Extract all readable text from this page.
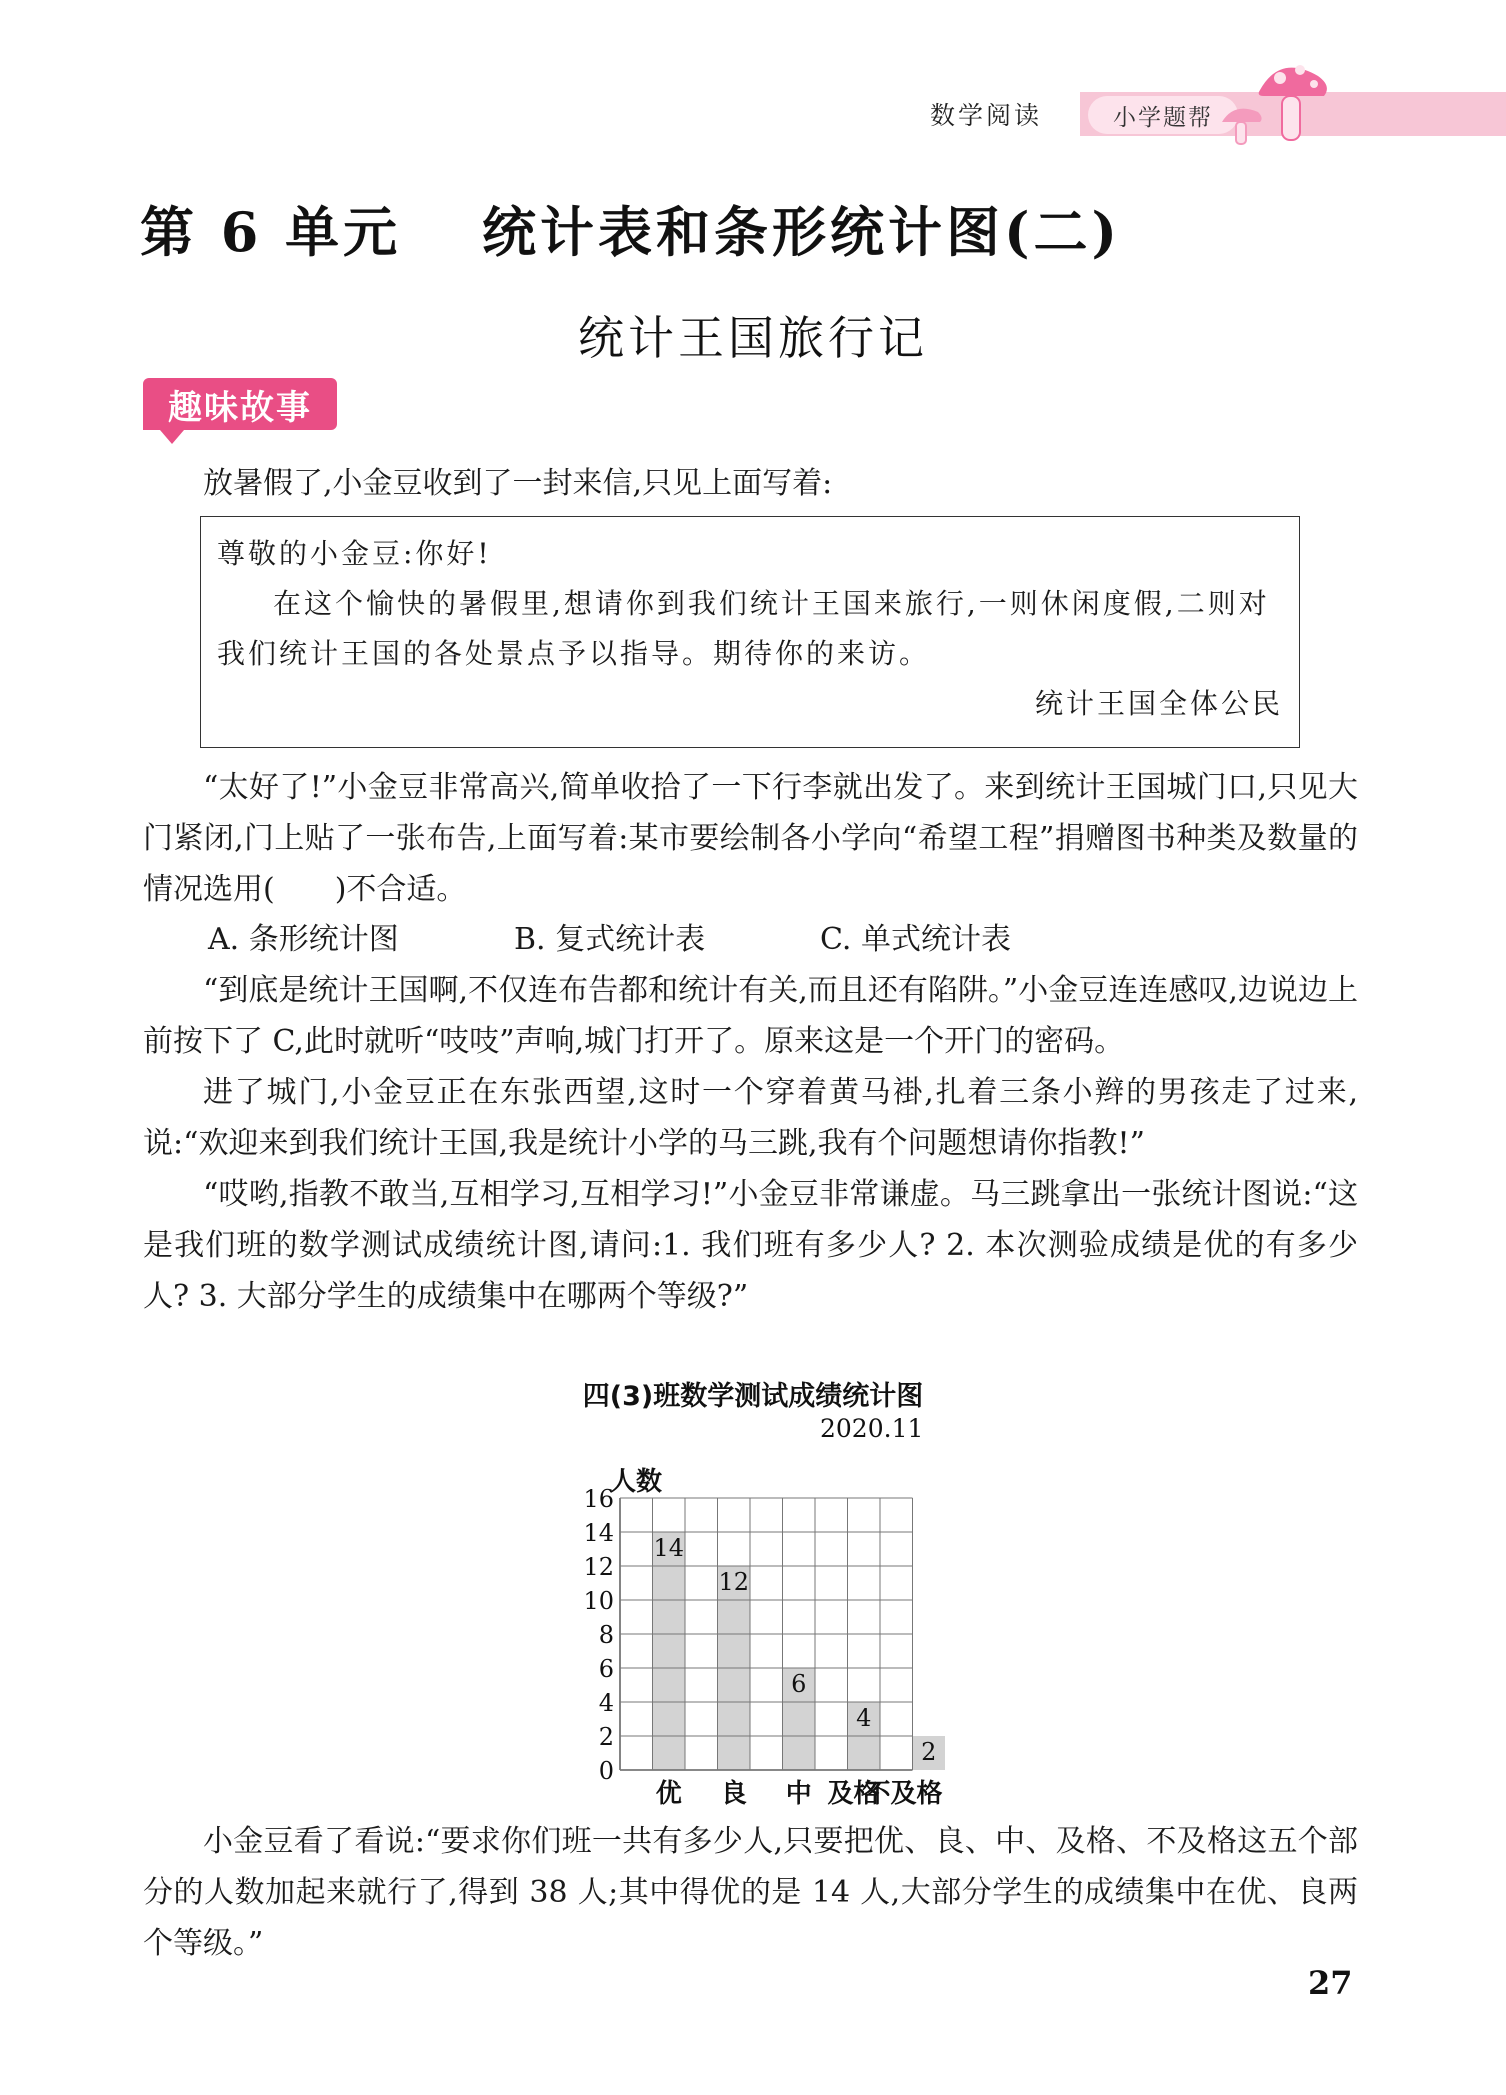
数学阅读	小学题帮
第 6 单元　 统计表和条形统计图(二)
统计王国旅行记
趣味故事

放暑假了,小金豆收到了一封来信,只见上面写着:

尊敬的小金豆:你好!

在这个愉快的暑假里,想请你到我们统计王国来旅行,一则休闲度假,二则对我们统计王国的各处景点予以指导。期待你的来访。

统计王国全体公民

“太好了!”小金豆非常高兴,简单收拾了一下行李就出发了。来到统计王国城门口,只见大门紧闭,门上贴了一张布告,上面写着:某市要绘制各小学向“希望工程”捐赠图书种类及数量的情况选用(　　)不合适。

A. 条形统计图	B. 复式统计表	C. 单式统计表

“到底是统计王国啊,不仅连布告都和统计有关,而且还有陷阱。”小金豆连连感叹,边说边上前按下了 C,此时就听“吱吱”声响,城门打开了。原来这是一个开门的密码。

进了城门,小金豆正在东张西望,这时一个穿着黄马褂,扎着三条小辫的男孩走了过来,说:“欢迎来到我们统计王国,我是统计小学的马三跳,我有个问题想请你指教!”

“哎哟,指教不敢当,互相学习,互相学习!”小金豆非常谦虚。马三跳拿出一张统计图说:“这是我们班的数学测试成绩统计图,请问:1. 我们班有多少人? 2. 本次测验成绩是优的有多少人? 3. 大部分学生的成绩集中在哪两个等级?”

四(3)班数学测试成绩统计图
2020.11
0
2
4
6
8
10
12
14
16
人数
14
12
6
4
2
优 良 中 及格
不及格

小金豆看了看说:“要求你们班一共有多少人,只要把优、良、中、及格、不及格这五个部分的人数加起来就行了,得到 38 人;其中得优的是 14 人,大部分学生的成绩集中在优、良两个等级。”

27
